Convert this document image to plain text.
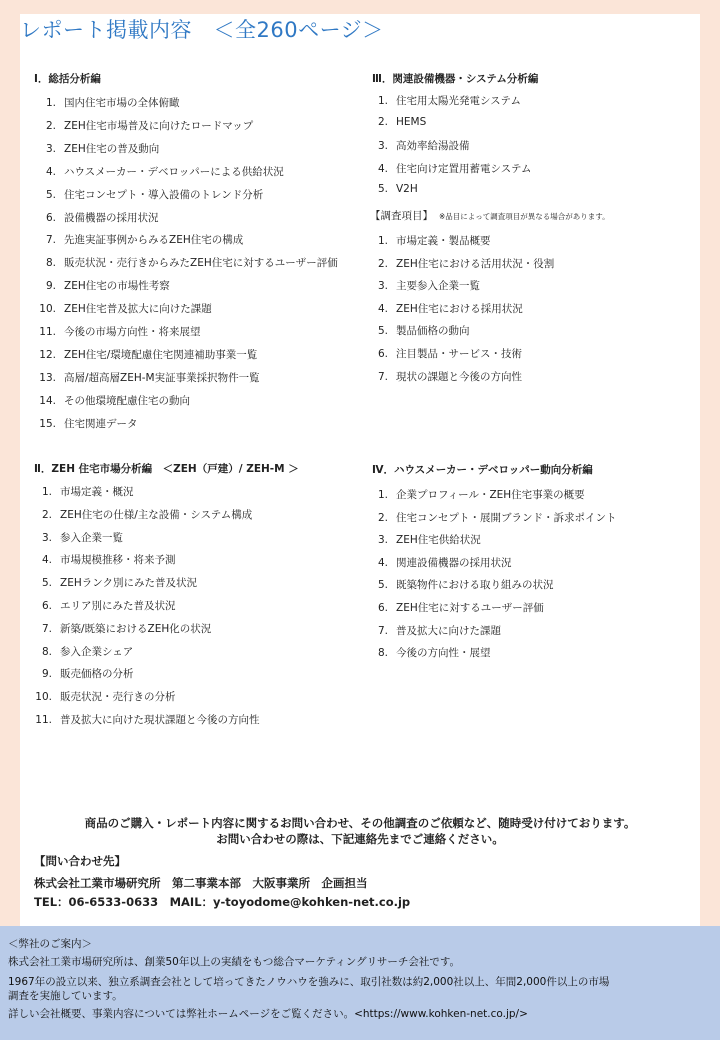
レポート掲載内容　＜全260ページ＞
Ⅰ．総括分析編
1. 国内住宅市場の全体俯瞰
2. ZEH住宅市場普及に向けたロードマップ
3. ZEH住宅の普及動向
4. ハウスメーカー・デベロッパーによる供給状況
5. 住宅コンセプト・導入設備のトレンド分析
6. 設備機器の採用状況
7. 先進実証事例からみるZEH住宅の構成
8. 販売状況・売行きからみたZEH住宅に対するユーザー評価
9. ZEH住宅の市場性考察
10. ZEH住宅普及拡大に向けた課題
11. 今後の市場方向性・将来展望
12. ZEH住宅/環境配慮住宅関連補助事業一覧
13. 高層/超高層ZEH-M実証事業採択物件一覧
14. その他環境配慮住宅の動向
15. 住宅関連データ
Ⅱ．ZEH 住宅市場分析編　＜ZEH（戸建）/ ZEH-M ＞
1. 市場定義・概況
2. ZEH住宅の仕様/主な設備・システム構成
3. 参入企業一覧
4. 市場規模推移・将来予測
5. ZEHランク別にみた普及状況
6. エリア別にみた普及状況
7. 新築/既築におけるZEH化の状況
8. 参入企業シェア
9. 販売価格の分析
10. 販売状況・売行きの分析
11. 普及拡大に向けた現状課題と今後の方向性
Ⅲ．関連設備機器・システム分析編
1. 住宅用太陽光発電システム
2. HEMS
3. 高効率給湯設備
4. 住宅向け定置用蓄電システム
5. V2H
【調査項目】 ※品目によって調査項目が異なる場合があります。
1. 市場定義・製品概要
2. ZEH住宅における活用状況・役割
3. 主要参入企業一覧
4. ZEH住宅における採用状況
5. 製品価格の動向
6. 注目製品・サービス・技術
7. 現状の課題と今後の方向性
Ⅳ．ハウスメーカー・デベロッパー動向分析編
1. 企業プロフィール・ZEH住宅事業の概要
2. 住宅コンセプト・展開ブランド・訴求ポイント
3. ZEH住宅供給状況
4. 関連設備機器の採用状況
5. 既築物件における取り組みの状況
6. ZEH住宅に対するユーザー評価
7. 普及拡大に向けた課題
8. 今後の方向性・展望
商品のご購入・レポート内容に関するお問い合わせ、その他調査のご依頼など、随時受け付けております。
お問い合わせの際は、下記連絡先までご連絡ください。
【問い合わせ先】
株式会社工業市場研究所　第二事業本部　大阪事業所　企画担当
TEL：06-6533-0633　MAIL：y-toyodome@kohken-net.co.jp
＜弊社のご案内＞
株式会社工業市場研究所は、創業50年以上の実績をもつ総合マーケティングリサーチ会社です。
1967年の設立以来、独立系調査会社として培ってきたノウハウを強みに、取引社数は約2,000社以上、年間2,000件以上の市場
調査を実施しています。
詳しい会社概要、事業内容については弊社ホームページをご覧ください。<https://www.kohken-net.co.jp/>
